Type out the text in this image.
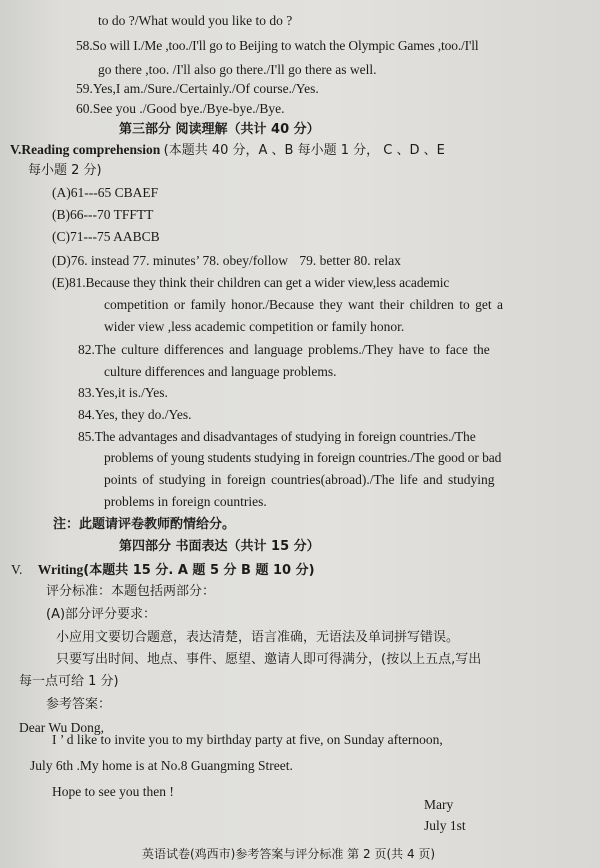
to do ?/What would you like to do ?
58.So will I./Me ,too./I'll go to Beijing to watch the Olympic Games ,too./I'll
go there ,too. /I'll also go there./I'll go there as well.
59.Yes,I am./Sure./Certainly./Of course./Yes.
60.See you ./Good bye./Bye-bye./Bye.
第三部分 阅读理解（共计 40 分）
V.Reading comprehension (本题共 40 分，A 、B 每小题 1 分， C 、D 、E
每小题 2 分)
(A)61---65 CBAEF
(B)66---70 TFFTT
(C)71---75 AABCB
(D)76. instead 77. minutes’ 78. obey/follow 79. better 80. relax
(E)81.Because they think their children can get a wider view,less academic
competition or family honor./Because they want their children to get a
wider view ,less academic competition or family honor.
82.The culture differences and language problems./They have to face the
culture differences and language problems.
83.Yes,it is./Yes.
84.Yes, they do./Yes.
85.The advantages and disadvantages of studying in foreign countries./The
problems of young students studying in foreign countries./The good or bad
points of studying in foreign countries(abroad)./The life and studying
problems in foreign countries.
注：此题请评卷教师酌情给分。
第四部分 书面表达（共计 15 分）
V. Writing(本题共 15 分. A 题 5 分 B 题 10 分)
评分标准：本题包括两部分：
(A)部分评分要求：
小应用文要切合题意，表达清楚，语言准确，无语法及单词拼写错误。
只要写出时间、地点、事件、愿望、邀请人即可得满分，(按以上五点,写出
每一点可给 1 分)
参考答案：
Dear Wu Dong,
I ’ d like to invite you to my birthday party at five, on Sunday afternoon,
July 6th .My home is at No.8 Guangming Street.
Hope to see you then !
Mary
July 1st
英语试卷(鸡西市)参考答案与评分标准 第 2 页(共 4 页)
